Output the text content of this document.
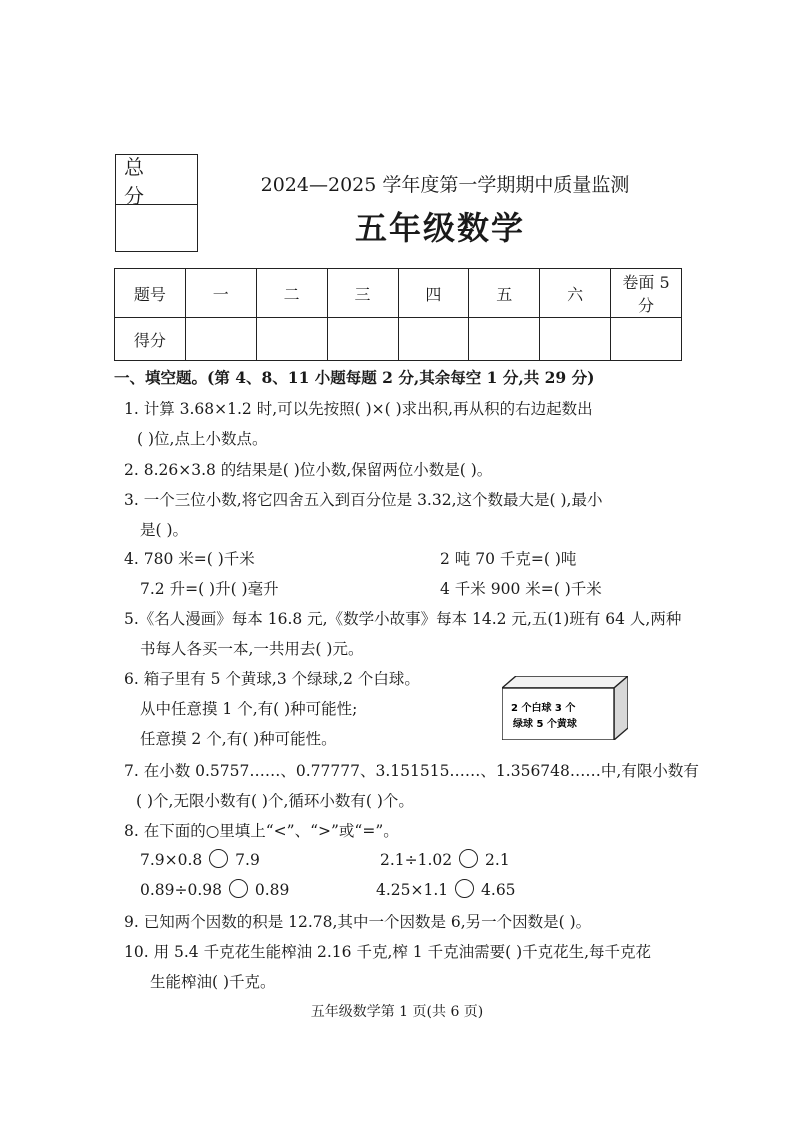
总 分	2024—2025 学年度第一学期期中质量监测
五年级数学
题号	一	二	三	四	五	六	卷面 5 分
得分							
一、填空题。(第 4、8、11 小题每题 2 分,其余每空 1 分,共 29 分)
1. 计算 3.68×1.2 时,可以先按照( )×( )求出积,再从积的右边起数出
( )位,点上小数点。
2. 8.26×3.8 的结果是( )位小数,保留两位小数是( )。
3. 一个三位小数,将它四舍五入到百分位是 3.32,这个数最大是( ),最小
是( )。
4. 780 米=( )千米	2 吨 70 千克=( )吨
7.2 升=( )升( )毫升	4 千米 900 米=( )千米
5.《名人漫画》每本 16.8 元,《数学小故事》每本 14.2 元,五(1)班有 64 人,两种
书每人各买一本,一共用去( )元。
6. 箱子里有 5 个黄球,3 个绿球,2 个白球。
从中任意摸 1 个,有( )种可能性;
任意摸 2 个,有( )种可能性。
2 个白球 3 个
绿球 5 个黄球
7. 在小数 0.5757……、0.77777、3.151515……、1.356748……中,有限小数有
( )个,无限小数有( )个,循环小数有( )个。
8. 在下面的○里填上“<”、“>”或“=”。
7.9×0.8 7.9	2.1÷1.02 2.1
0.89÷0.98 0.89	4.25×1.1 4.65
9. 已知两个因数的积是 12.78,其中一个因数是 6,另一个因数是( )。
10. 用 5.4 千克花生能榨油 2.16 千克,榨 1 千克油需要( )千克花生,每千克花
生能榨油( )千克。
五年级数学第 1 页(共 6 页)
